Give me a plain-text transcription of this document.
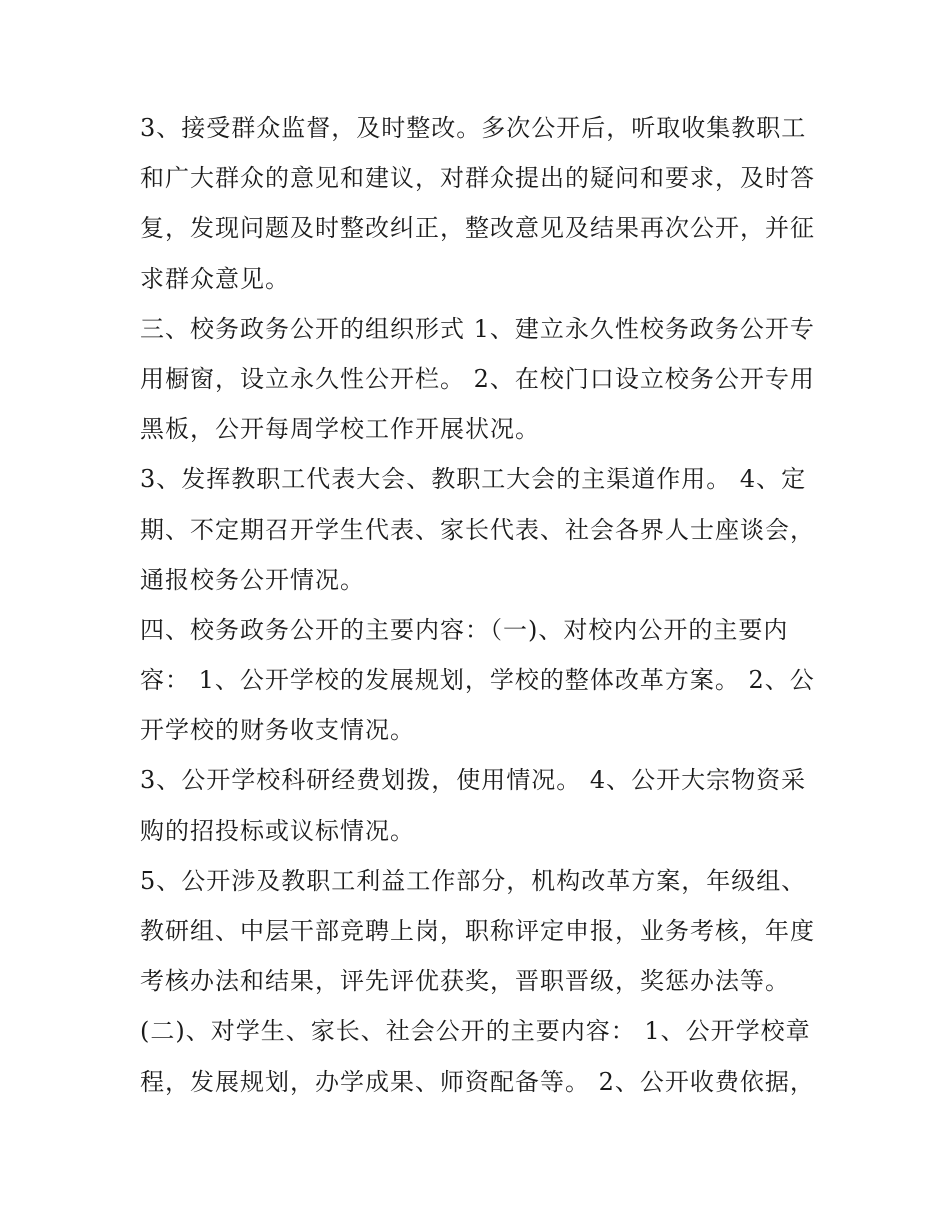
3、接受群众监督，及时整改。多次公开后，听取收集教职工
和广大群众的意见和建议，对群众提出的疑问和要求，及时答
复，发现问题及时整改纠正，整改意见及结果再次公开，并征
求群众意见。
三、校务政务公开的组织形式 1、建立永久性校务政务公开专
用橱窗，设立永久性公开栏。 2、在校门口设立校务公开专用
黑板，公开每周学校工作开展状况。
3、发挥教职工代表大会、教职工大会的主渠道作用。 4、定
期、不定期召开学生代表、家长代表、社会各界人士座谈会，
通报校务公开情况。
四、校务政务公开的主要内容：（一)、对校内公开的主要内
容： 1、公开学校的发展规划，学校的整体改革方案。 2、公
开学校的财务收支情况。
3、公开学校科研经费划拨，使用情况。 4、公开大宗物资采
购的招投标或议标情况。
5、公开涉及教职工利益工作部分，机构改革方案，年级组、
教研组、中层干部竞聘上岗，职称评定申报，业务考核，年度
考核办法和结果，评先评优获奖，晋职晋级，奖惩办法等。
(二)、对学生、家长、社会公开的主要内容： 1、公开学校章
程，发展规划，办学成果、师资配备等。 2、公开收费依据，
